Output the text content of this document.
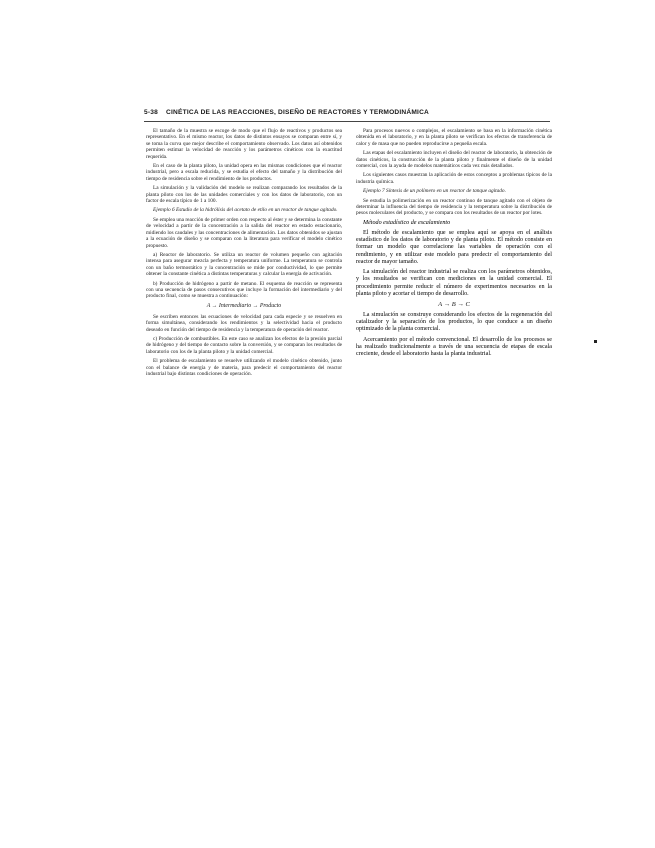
5-38 CINÉTICA DE LAS REACCIONES, DISEÑO DE REACTORES Y TERMODINÁMICA

El tamaño de la muestra se escoge de modo que el flujo de reactivos y productos sea representativo. En el mismo reactor, los datos de distintos ensayos se comparan entre sí, y se toma la curva que mejor describe el comportamiento observado. Los datos así obtenidos permiten estimar la velocidad de reacción y los parámetros cinéticos con la exactitud requerida.

En el caso de la planta piloto, la unidad opera en las mismas condiciones que el reactor industrial, pero a escala reducida, y se estudia el efecto del tamaño y la distribución del tiempo de residencia sobre el rendimiento de los productos.

La simulación y la validación del modelo se realizan comparando los resultados de la planta piloto con los de las unidades comerciales y con los datos de laboratorio, con un factor de escala típico de 1 a 100.

Ejemplo 6 Estudio de la hidrólisis del acetato de etilo en un reactor de tanque agitado.

Se emplea una reacción de primer orden con respecto al éster y se determina la constante de velocidad a partir de la concentración a la salida del reactor en estado estacionario, midiendo los caudales y las concentraciones de alimentación. Los datos obtenidos se ajustan a la ecuación de diseño y se comparan con la literatura para verificar el modelo cinético propuesto.

a) Reactor de laboratorio. Se utiliza un reactor de volumen pequeño con agitación intensa para asegurar mezcla perfecta y temperatura uniforme. La temperatura se controla con un baño termostático y la concentración se mide por conductividad, lo que permite obtener la constante cinética a distintas temperaturas y calcular la energía de activación.

b) Producción de hidrógeno a partir de metano. El esquema de reacción se representa con una secuencia de pasos consecutivos que incluye la formación del intermediario y del producto final, como se muestra a continuación:

A → Intermediario → Producto

Se escriben entonces las ecuaciones de velocidad para cada especie y se resuelven en forma simultánea, considerando los rendimientos y la selectividad hacia el producto deseado en función del tiempo de residencia y la temperatura de operación del reactor.

c) Producción de combustibles. En este caso se analizan los efectos de la presión parcial de hidrógeno y del tiempo de contacto sobre la conversión, y se comparan los resultados de laboratorio con los de la planta piloto y la unidad comercial.

El problema de escalamiento se resuelve utilizando el modelo cinético obtenido, junto con el balance de energía y de materia, para predecir el comportamiento del reactor industrial bajo distintas condiciones de operación.

Para procesos nuevos o complejos, el escalamiento se basa en la información cinética obtenida en el laboratorio, y en la planta piloto se verifican los efectos de transferencia de calor y de masa que no pueden reproducirse a pequeña escala.

Las etapas del escalamiento incluyen el diseño del reactor de laboratorio, la obtención de datos cinéticos, la construcción de la planta piloto y finalmente el diseño de la unidad comercial, con la ayuda de modelos matemáticos cada vez más detallados.

Los siguientes casos muestran la aplicación de estos conceptos a problemas típicos de la industria química.

Ejemplo 7 Síntesis de un polímero en un reactor de tanque agitado.

Se estudia la polimerización en un reactor continuo de tanque agitado con el objeto de determinar la influencia del tiempo de residencia y la temperatura sobre la distribución de pesos moleculares del producto, y se compara con los resultados de un reactor por lotes.

Método estadístico de escalamiento

El método de escalamiento que se emplea aquí se apoya en el análisis estadístico de los datos de laboratorio y de planta piloto. El método consiste en formar un modelo que correlacione las variables de operación con el rendimiento, y en utilizar este modelo para predecir el comportamiento del reactor de mayor tamaño.

La simulación del reactor industrial se realiza con los parámetros obtenidos, y los resultados se verifican con mediciones en la unidad comercial. El procedimiento permite reducir el número de experimentos necesarios en la planta piloto y acortar el tiempo de desarrollo.

A → B → C

La simulación se construye considerando los efectos de la regeneración del catalizador y la separación de los productos, lo que conduce a un diseño optimizado de la planta comercial.

Acercamiento por el método convencional. El desarrollo de los procesos se ha realizado tradicionalmente a través de una secuencia de etapas de escala creciente, desde el laboratorio hasta la planta industrial.
